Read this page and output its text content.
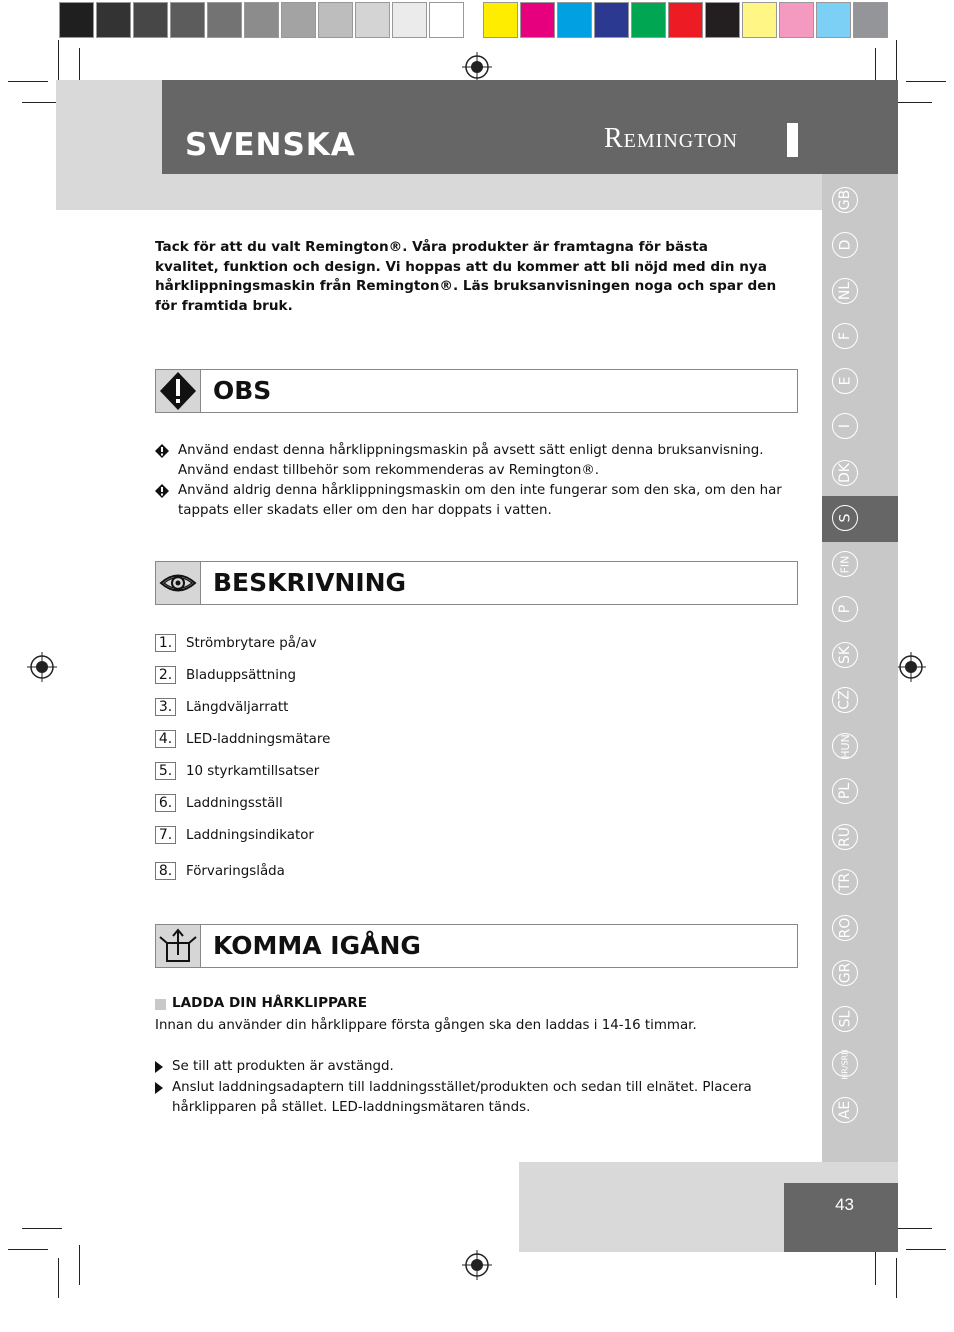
SVENSKA	Remington
GB
D
NL
F
E
I
DK
S
FIN
P
SK
CZ
HUN
PL
RU
TR
RO
GR
SL
HR/SRB
AE
Tack för att du valt Remington®. Våra produkter är framtagna för bästa
kvalitet, funktion och design. Vi hoppas att du kommer att bli nöjd med din nya
hårklippningsmaskin från Remington®. Läs bruksanvisningen noga och spar den
för framtida bruk.
OBS
Använd endast denna hårklippningsmaskin på avsett sätt enligt denna bruksanvisning.
Använd endast tillbehör som rekommenderas av Remington®.
Använd aldrig denna hårklippningsmaskin om den inte fungerar som den ska, om den har
tappats eller skadats eller om den har doppats i vatten.
BESKRIVNING
1. Strömbrytare på/av
2. Bladuppsättning
3. Längdväljarratt
4. LED-laddningsmätare
5. 10 styrkamtillsatser
6. Laddningsställ
7. Laddningsindikator
8. Förvaringslåda
KOMMA IGÅNG
LADDA DIN HÅRKLIPPARE
Innan du använder din hårklippare första gången ska den laddas i 14-16 timmar.
Se till att produkten är avstängd.
Anslut laddningsadaptern till laddningsstället/produkten och sedan till elnätet. Placera
hårklipparen på stället. LED-laddningsmätaren tänds.
43
